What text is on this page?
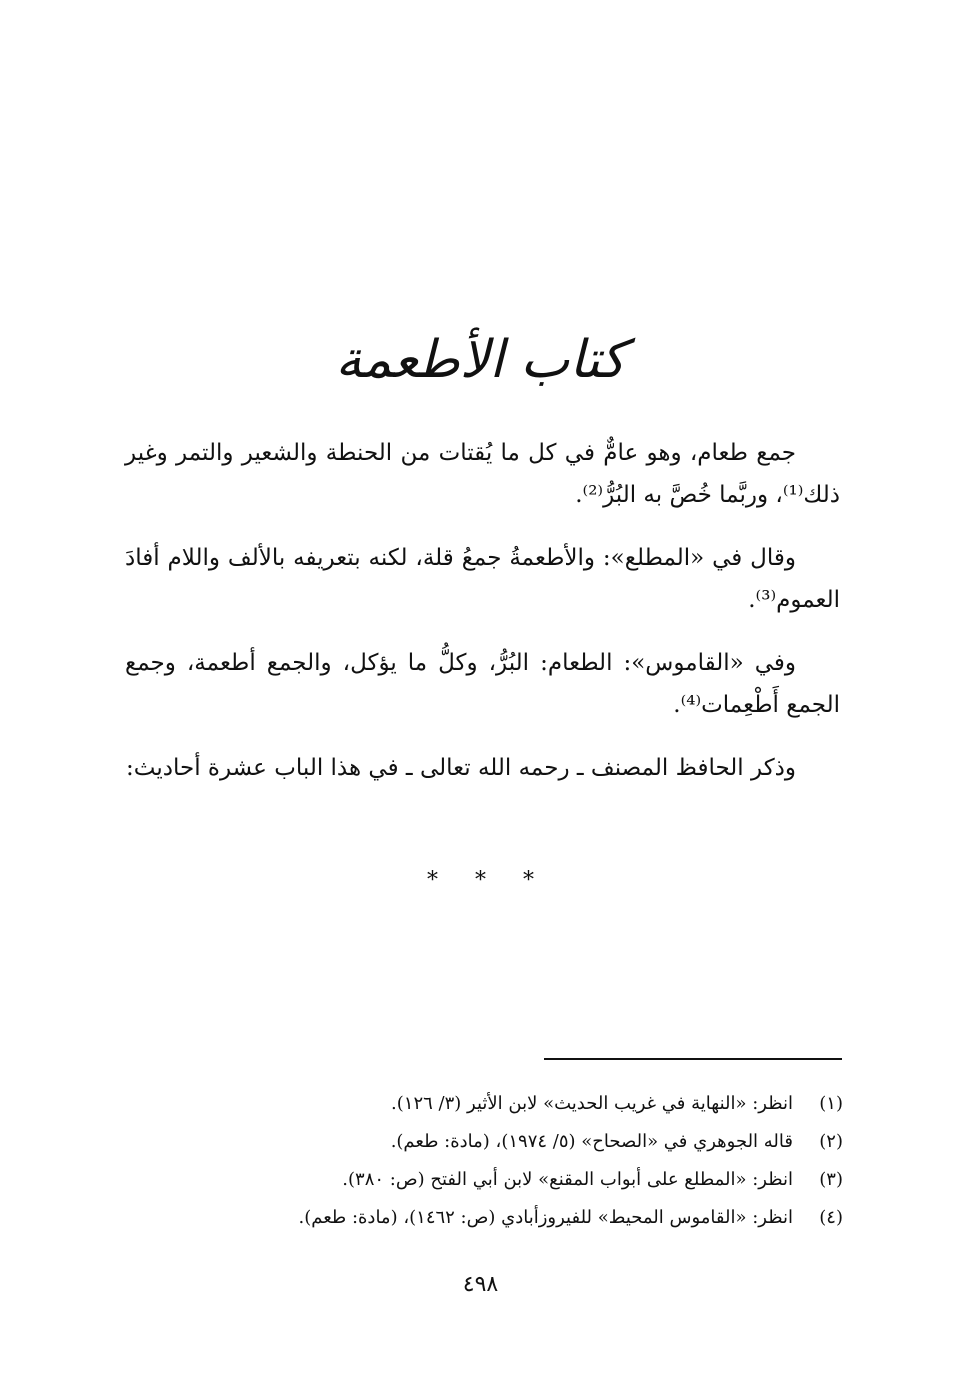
كتاب الأطعمة

جمع طعام، وهو عامٌّ في كل ما يُقتات من الحنطة والشعير والتمر وغير ذلك⁽¹⁾، وربَّما خُصَّ به البُرُّ⁽²⁾.

وقال في «المطلع»: والأطعمةُ جمعُ قلة، لكنه بتعريفه بالألف واللام أفادَ العموم⁽³⁾.

وفي «القاموس»: الطعام: البُرُّ، وكلُّ ما يؤكل، والجمع أطعمة، وجمع الجمع أَطْعِمات⁽⁴⁾.

وذكر الحافظ المصنف ـ رحمه الله تعالى ـ في هذا الباب عشرة أحاديث:

* * *
(١)
انظر: «النهاية في غريب الحديث» لابن الأثير (٣/ ١٢٦).
(٢)
قاله الجوهري في «الصحاح» (٥/ ١٩٧٤)، (مادة: طعم).
(٣)
انظر: «المطلع على أبواب المقنع» لابن أبي الفتح (ص: ٣٨٠).
(٤)
انظر: «القاموس المحيط» للفيروزأبادي (ص: ١٤٦٢)، (مادة: طعم).
٤٩٨
